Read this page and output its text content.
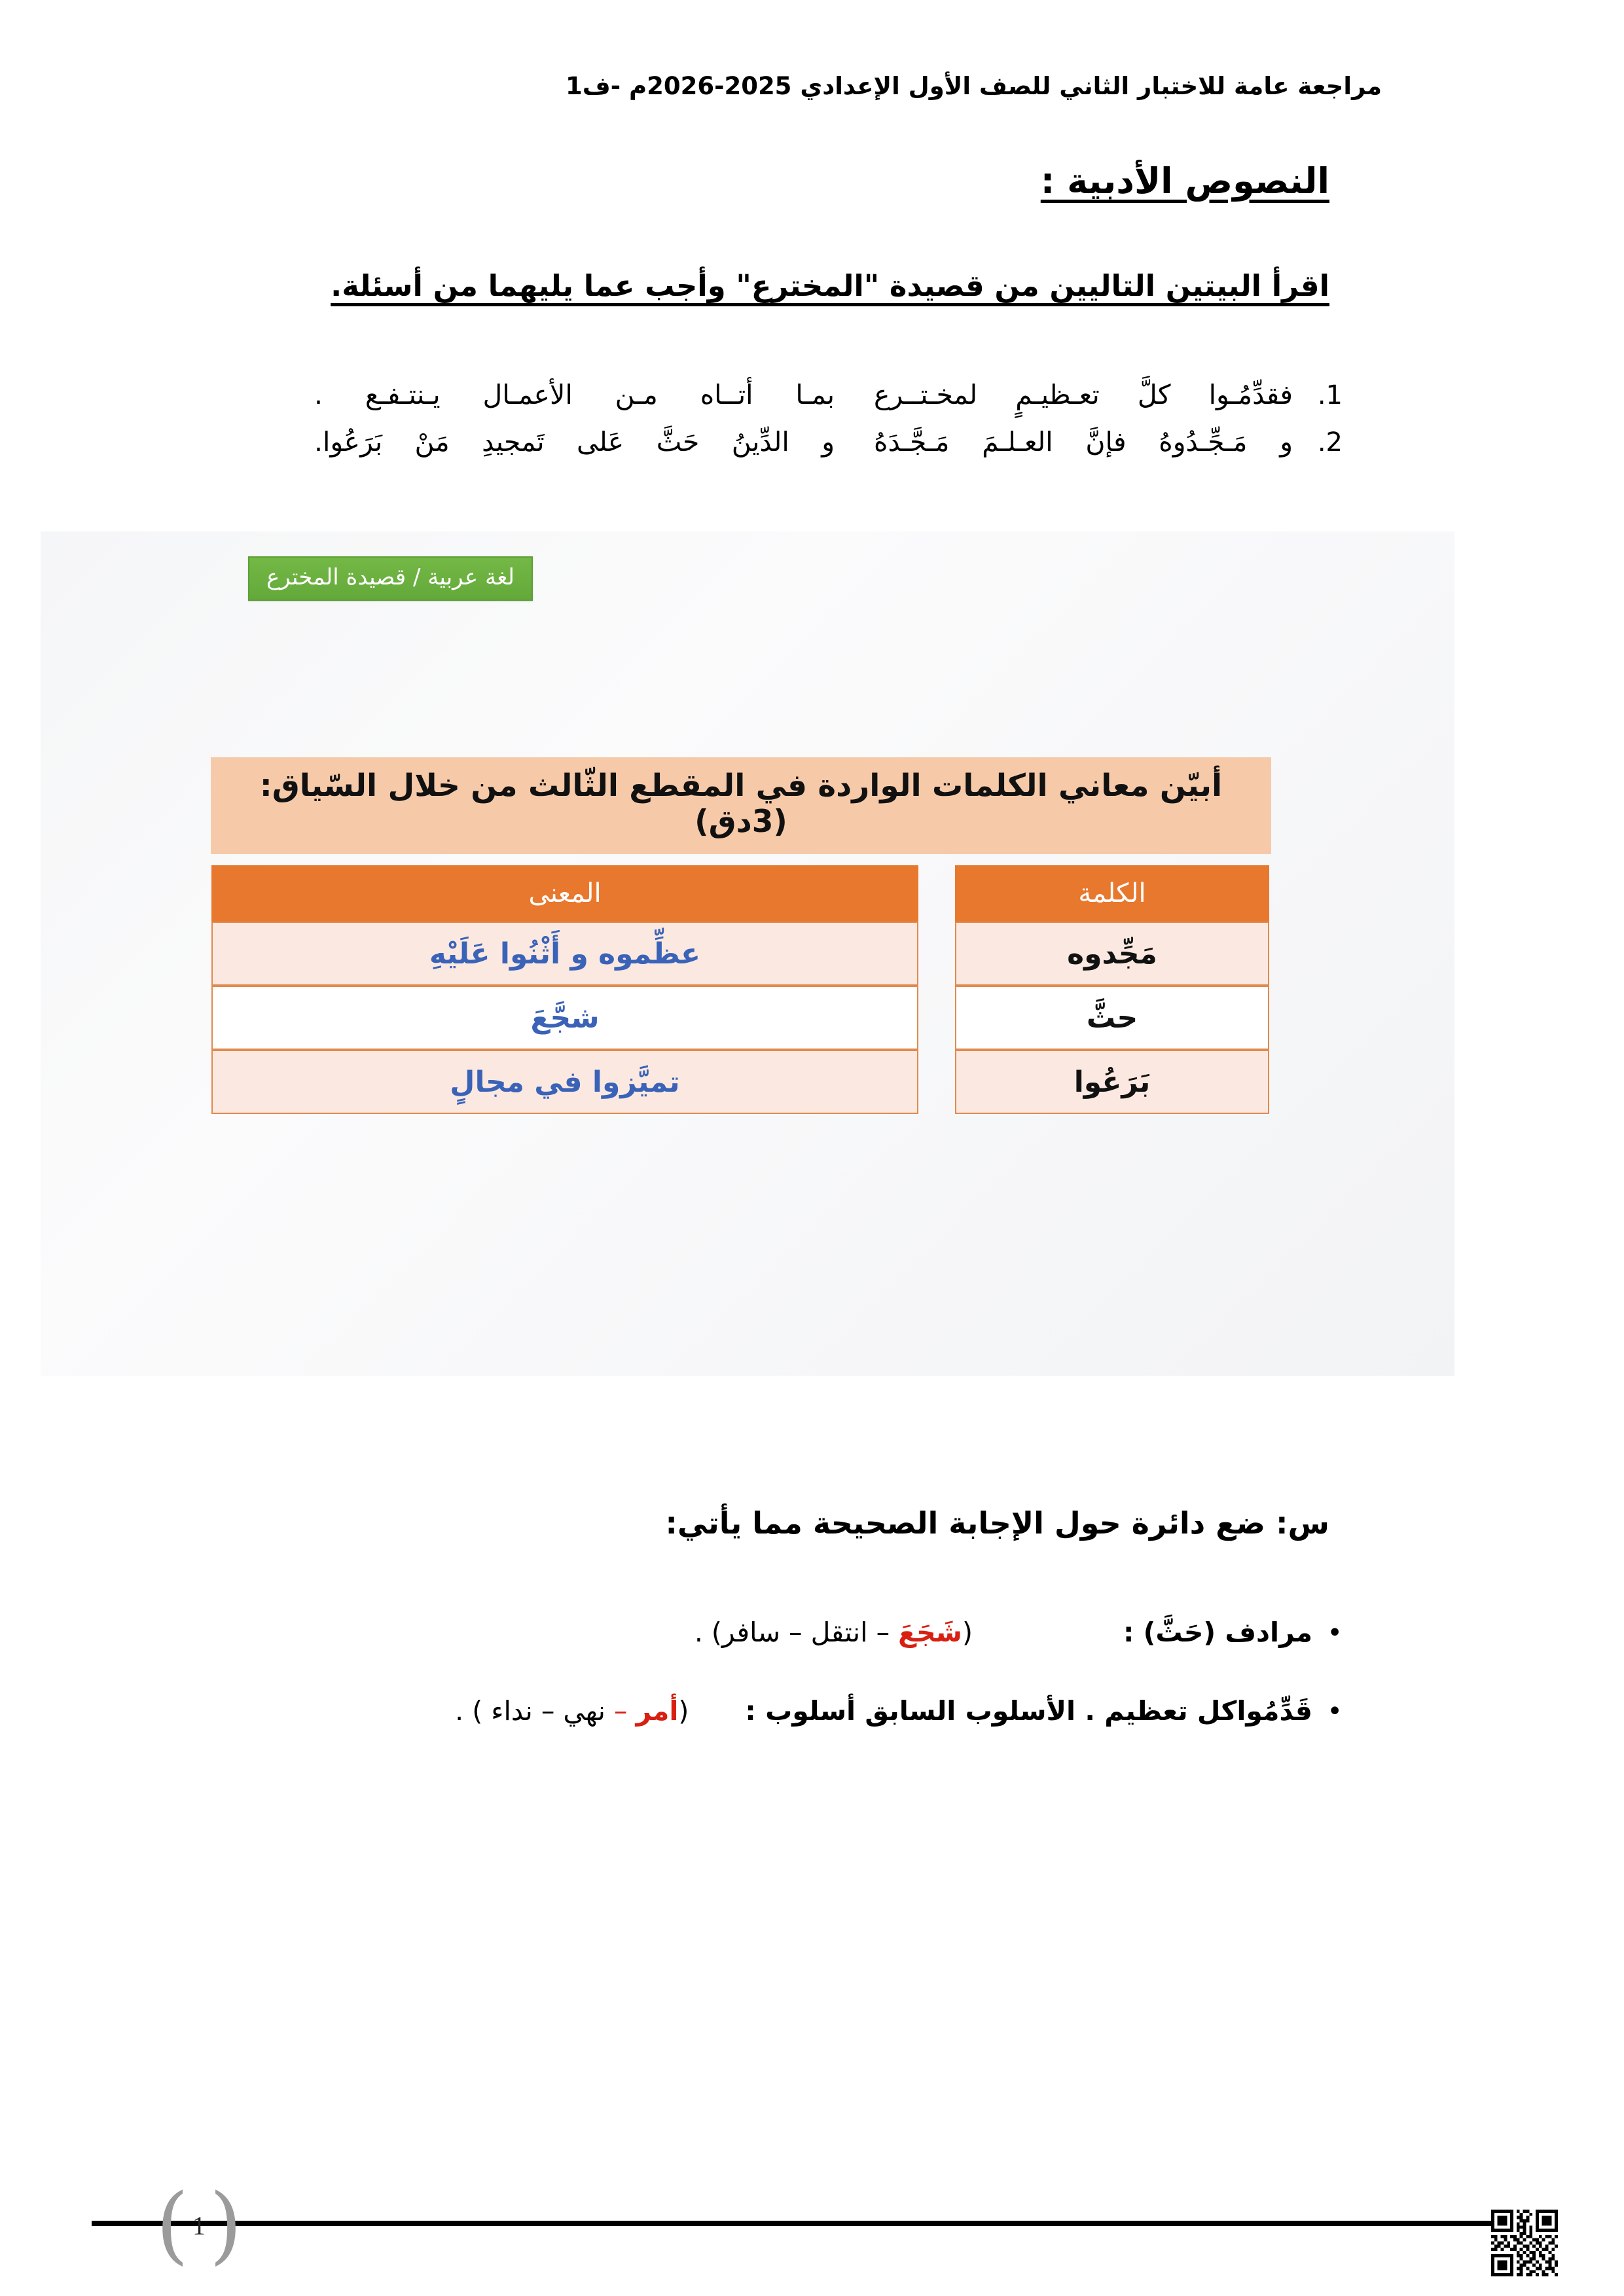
مراجعة عامة للاختبار الثاني للصف الأول الإعدادي 2025-2026م -ف1
النصوص الأدبية :
اقرأ البيتين التاليين من قصيدة "المخترع" وأجب عما يليهما من أسئلة.
1.
فقدِّمُـوا كلَّ تعـظيـمٍ لمخـتــرع
بمـا أتــاه مـن الأعمـال يـنتـفـع .
2.
و مَـجِّـدُوهُ فإنَّ العـلـمَ مَـجَّـدَهُ
و الدِّينُ حَثَّ عَلى تَمجيدِ مَنْ بَرَعُوا.
لغة عربية / قصيدة المخترع
أبيّن معاني الكلمات الواردة في المقطع الثّالث من خلال السّياق: (3دق)
الكلمة
مَجِّدوه
حثَّ
بَرَعُوا
المعنى
عظِّموه و أَثْنُوا عَلَيْهِ
شجَّعَ
تميَّزوا في مجالٍ
س: ضع دائرة حول الإجابة الصحيحة مما يأتي:
•
مرادف (حَثَّ) :
(شَجَعَ – انتقل – سافر) .
•
قَدِّمُواكل تعظيم . الأسلوب السابق أسلوب :
(أمر – نهي – نداء ) .
(
1
)
